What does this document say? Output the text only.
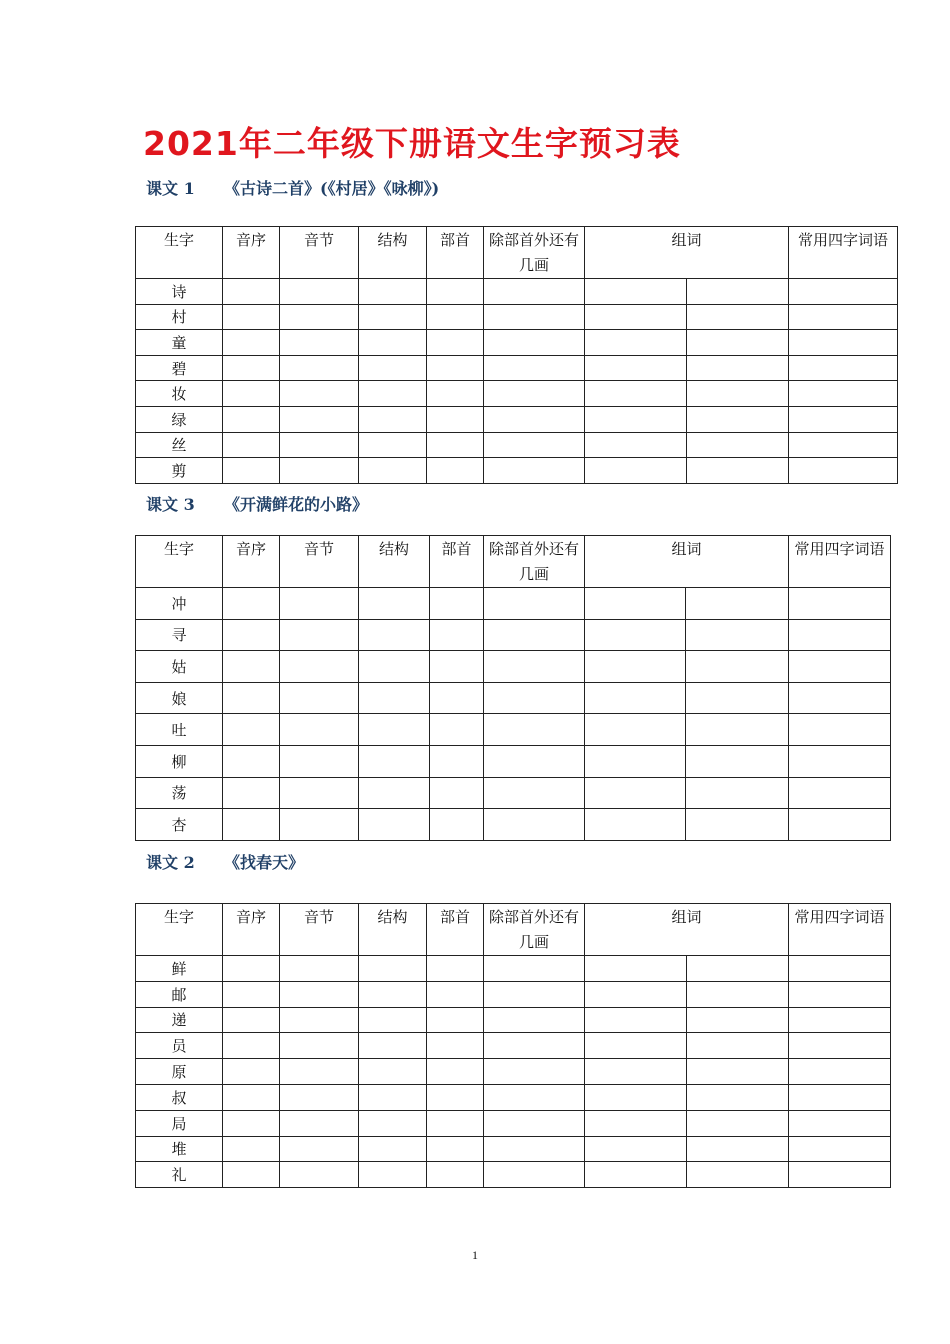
2021年二年级下册语文生字预习表
课文 1 《古诗二首》(《村居》《咏柳》)
生字	音序	音节	结构	部首	除部首外还有几画	组词		常用四字词语
诗								
村								
童								
碧								
妆								
绿								
丝								
剪								
课文 3 《开满鲜花的小路》
生字	音序	音节	结构	部首	除部首外还有几画	组词		常用四字词语
冲								
寻								
姑								
娘								
吐								
柳								
荡								
杏								
课文 2 《找春天》
生字	音序	音节	结构	部首	除部首外还有几画	组词		常用四字词语
鲜								
邮								
递								
员								
原								
叔								
局								
堆								
礼								
1
